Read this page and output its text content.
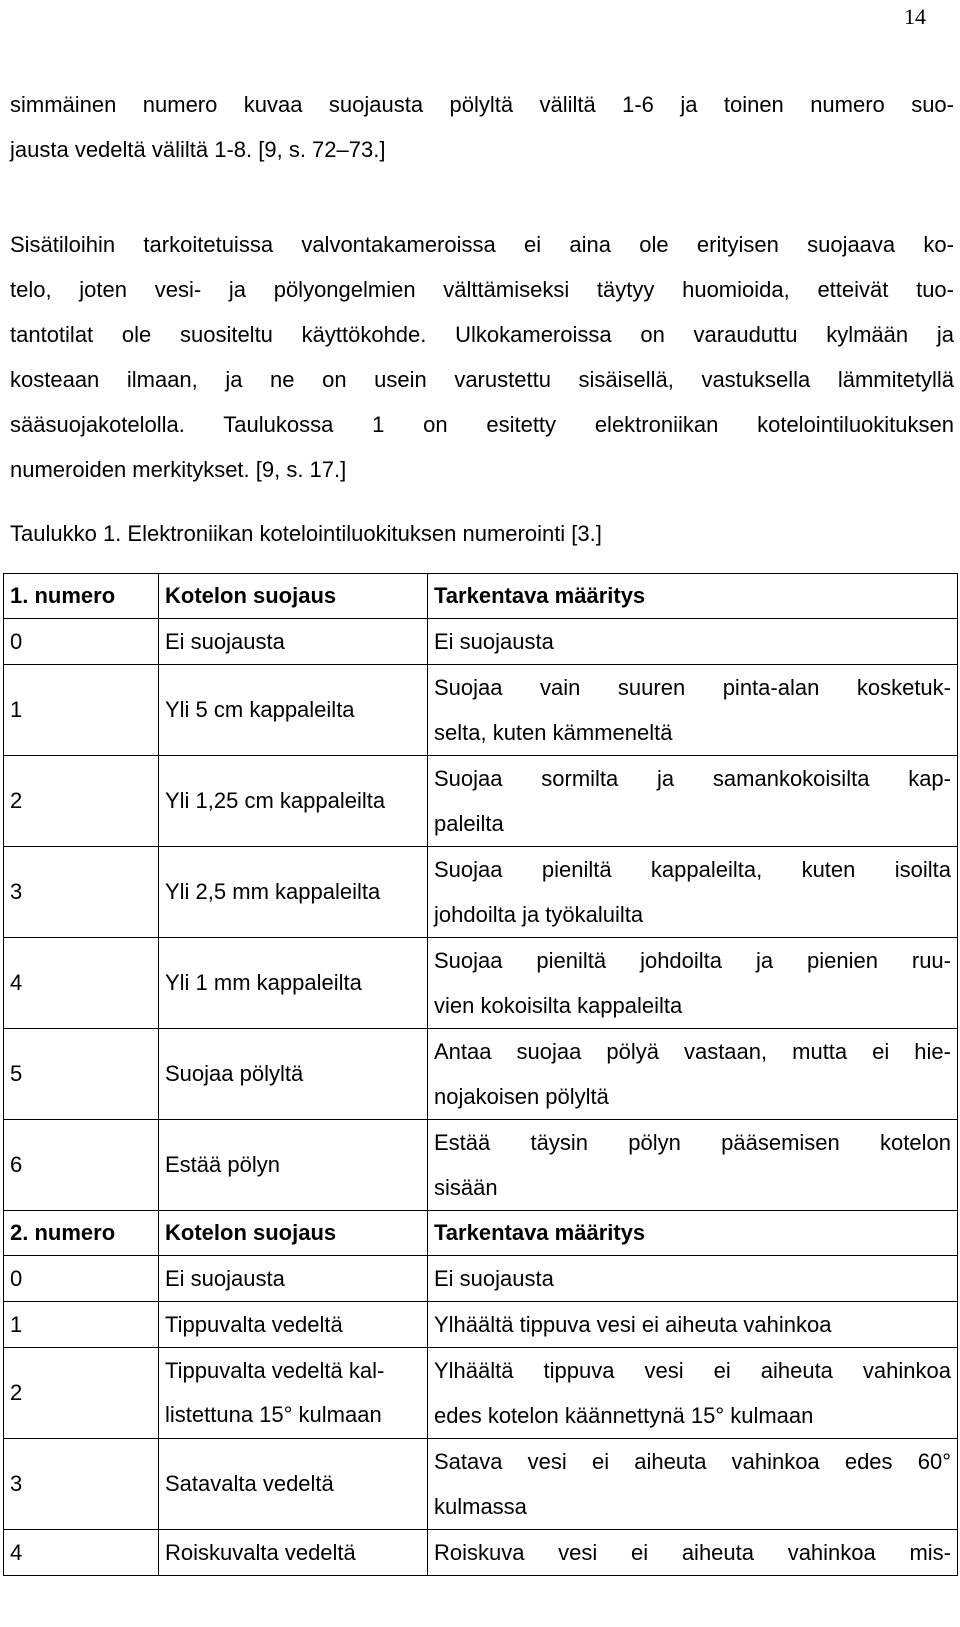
14
simmäinen numero kuvaa suojausta pölyltä väliltä 1-6 ja toinen numero suo-
jausta vedeltä väliltä 1-8. [9, s. 72–73.]
Sisätiloihin tarkoitetuissa valvontakameroissa ei aina ole erityisen suojaava ko-
telo, joten vesi- ja pölyongelmien välttämiseksi täytyy huomioida, etteivät tuo-
tantotilat ole suositeltu käyttökohde. Ulkokameroissa on varauduttu kylmään ja
kosteaan ilmaan, ja ne on usein varustettu sisäisellä, vastuksella lämmitetyllä
sääsuojakotelolla. Taulukossa 1 on esitetty elektroniikan kotelointiluokituksen
numeroiden merkitykset. [9, s. 17.]
Taulukko 1. Elektroniikan kotelointiluokituksen numerointi [3.]
1. numero	Kotelon suojaus	Tarkentava määritys
0	Ei suojausta	Ei suojausta

1	Yli 5 cm kappaleilta	Suojaa vain suuren pinta-alan kosketuk-
selta, kuten kämmeneltä

2	Yli 1,25 cm kappaleilta	Suojaa sormilta ja samankokoisilta kap-
paleilta

3	Yli 2,5 mm kappaleilta	Suojaa pieniltä kappaleilta, kuten isoilta
johdoilta ja työkaluilta

4	Yli 1 mm kappaleilta	Suojaa pieniltä johdoilta ja pienien ruu-
vien kokoisilta kappaleilta

5	Suojaa pölyltä	Antaa suojaa pölyä vastaan, mutta ei hie-
nojakoisen pölyltä

6	Estää pölyn	Estää täysin pölyn pääsemisen kotelon
sisään

2. numero	Kotelon suojaus	Tarkentava määritys
0	Ei suojausta	Ei suojausta

1	Tippuvalta vedeltä	Ylhäältä tippuva vesi ei aiheuta vahinkoa

2	Tippuvalta vedeltä kal-
listettuna 15° kulmaan	Ylhäältä tippuva vesi ei aiheuta vahinkoa
edes kotelon käännettynä 15° kulmaan

3	Satavalta vedeltä	Satava vesi ei aiheuta vahinkoa edes 60°
kulmassa

4	Roiskuvalta vedeltä	Roiskuva vesi ei aiheuta vahinkoa mis-
